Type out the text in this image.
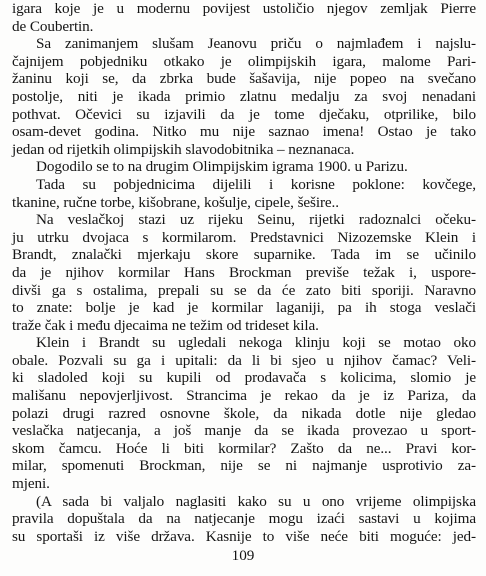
igara koje je u modernu povijest ustoličio njegov zemljak Pierre
de Coubertin.
Sa zanimanjem slušam Jeanovu priču o najmlađem i najslu-
čajnijem pobjedniku otkako je olimpijskih igara, malome Pari-
žaninu koji se, da zbrka bude šašavija, nije popeo na svečano
postolje, niti je ikada primio zlatnu medalju za svoj nenadani
pothvat. Očevici su izjavili da je tome dječaku, otprilike, bilo
osam-devet godina. Nitko mu nije saznao imena! Ostao je tako
jedan od rijetkih olimpijskih slavodobitnika – neznanaca.
Dogodilo se to na drugim Olimpijskim igrama 1900. u Parizu.
Tada su pobjednicima dijelili i korisne poklone: kovčege,
tkanine, ručne torbe, kišobrane, košulje, cipele, šešire..
Na veslačkoj stazi uz rijeku Seinu, rijetki radoznalci očeku-
ju utrku dvojaca s kormilarom. Predstavnici Nizozemske Klein i
Brandt, znalački mjerkaju skore suparnike. Tada im se učinilo
da je njihov kormilar Hans Brockman previše težak i, uspore-
divši ga s ostalima, prepali su se da će zato biti sporiji. Naravno
to znate: bolje je kad je kormilar laganiji, pa ih stoga veslači
traže čak i među djecaima ne težim od trideset kila.
Klein i Brandt su ugledali nekoga klinju koji se motao oko
obale. Pozvali su ga i upitali: da li bi sjeo u njihov čamac? Veli-
ki sladoled koji su kupili od prodavača s kolicima, slomio je
mališanu nepovjerljivost. Strancima je rekao da je iz Pariza, da
polazi drugi razred osnovne škole, da nikada dotle nije gledao
veslačka natjecanja, a još manje da se ikada provezao u sport-
skom čamcu. Hoće li biti kormilar? Zašto da ne... Pravi kor-
milar, spomenuti Brockman, nije se ni najmanje usprotivio za-
mjeni.
(A sada bi valjalo naglasiti kako su u ono vrijeme olimpijska
pravila dopuštala da na natjecanje mogu izaći sastavi u kojima
su sportaši iz više država. Kasnije to više neće biti moguće: jed-
109
